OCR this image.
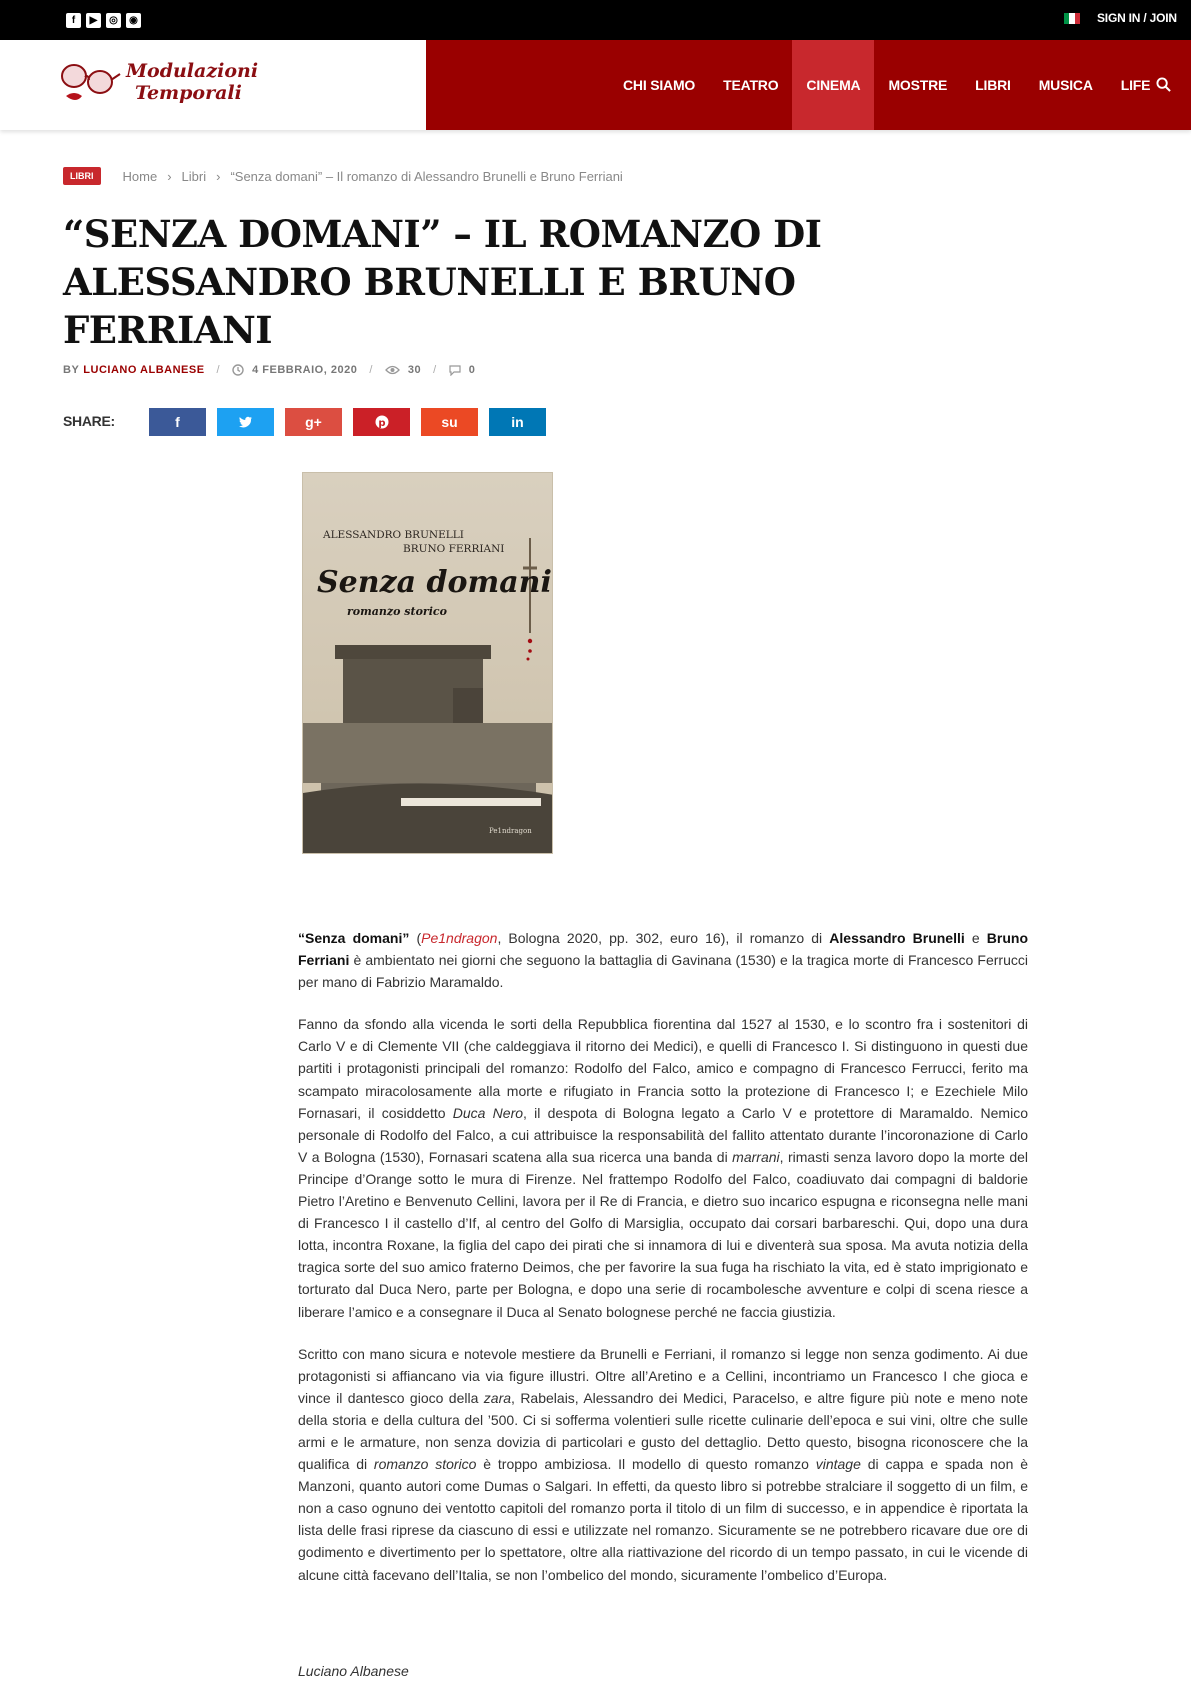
f	▶	◎	◉	SIGN IN / JOIN
Modulazioni
Temporali	CHI SIAMO	TEATRO	CINEMA	MOSTRE	LIBRI	MUSICA	LIFE
LIBRI	Home › Libri › “Senza domani” – Il romanzo di Alessandro Brunelli e Bruno Ferriani
“SENZA DOMANI” – IL ROMANZO DI ALESSANDRO BRUNELLI E BRUNO FERRIANI
BY LUCIANO ALBANESE /	4 FEBBRAIO, 2020 /	30 /	0
SHARE:	f	g+	p	su	in
ALESSANDRO BRUNELLI
BRUNO FERRIANI
Senza domani
romanzo storico
Pe1ndragon

“Senza domani” (Pe1ndragon, Bologna 2020, pp. 302, euro 16), il romanzo di Alessandro Brunelli e Bruno Ferriani è ambientato nei giorni che seguono la battaglia di Gavinana (1530) e la tragica morte di Francesco Ferrucci per mano di Fabrizio Maramaldo.

Fanno da sfondo alla vicenda le sorti della Repubblica fiorentina dal 1527 al 1530, e lo scontro fra i sostenitori di Carlo V e di Clemente VII (che caldeggiava il ritorno dei Medici), e quelli di Francesco I. Si distinguono in questi due partiti i protagonisti principali del romanzo: Rodolfo del Falco, amico e compagno di Francesco Ferrucci, ferito ma scampato miracolosamente alla morte e rifugiato in Francia sotto la protezione di Francesco I; e Ezechiele Milo Fornasari, il cosiddetto Duca Nero, il despota di Bologna legato a Carlo V e protettore di Maramaldo. Nemico personale di Rodolfo del Falco, a cui attribuisce la responsabilità del fallito attentato durante l’incoronazione di Carlo V a Bologna (1530), Fornasari scatena alla sua ricerca una banda di marrani, rimasti senza lavoro dopo la morte del Principe d’Orange sotto le mura di Firenze. Nel frattempo Rodolfo del Falco, coadiuvato dai compagni di baldorie Pietro l’Aretino e Benvenuto Cellini, lavora per il Re di Francia, e dietro suo incarico espugna e riconsegna nelle mani di Francesco I il castello d’If, al centro del Golfo di Marsiglia, occupato dai corsari barbareschi. Qui, dopo una dura lotta, incontra Roxane, la figlia del capo dei pirati che si innamora di lui e diventerà sua sposa. Ma avuta notizia della tragica sorte del suo amico fraterno Deimos, che per favorire la sua fuga ha rischiato la vita, ed è stato imprigionato e torturato dal Duca Nero, parte per Bologna, e dopo una serie di rocambolesche avventure e colpi di scena riesce a liberare l’amico e a consegnare il Duca al Senato bolognese perché ne faccia giustizia.

Scritto con mano sicura e notevole mestiere da Brunelli e Ferriani, il romanzo si legge non senza godimento. Ai due protagonisti si affiancano via via figure illustri. Oltre all’Aretino e a Cellini, incontriamo un Francesco I che gioca e vince il dantesco gioco della zara, Rabelais, Alessandro dei Medici, Paracelso, e altre figure più note e meno note della storia e della cultura del ’500. Ci si sofferma volentieri sulle ricette culinarie dell’epoca e sui vini, oltre che sulle armi e le armature, non senza dovizia di particolari e gusto del dettaglio. Detto questo, bisogna riconoscere che la qualifica di romanzo storico è troppo ambiziosa. Il modello di questo romanzo vintage di cappa e spada non è Manzoni, quanto autori come Dumas o Salgari. In effetti, da questo libro si potrebbe stralciare il soggetto di un film, e non a caso ognuno dei ventotto capitoli del romanzo porta il titolo di un film di successo, e in appendice è riportata la lista delle frasi riprese da ciascuno di essi e utilizzate nel romanzo. Sicuramente se ne potrebbero ricavare due ore di godimento e divertimento per lo spettatore, oltre alla riattivazione del ricordo di un tempo passato, in cui le vicende di alcune città facevano dell’Italia, se non l’ombelico del mondo, sicuramente l’ombelico d’Europa.

Luciano Albanese
